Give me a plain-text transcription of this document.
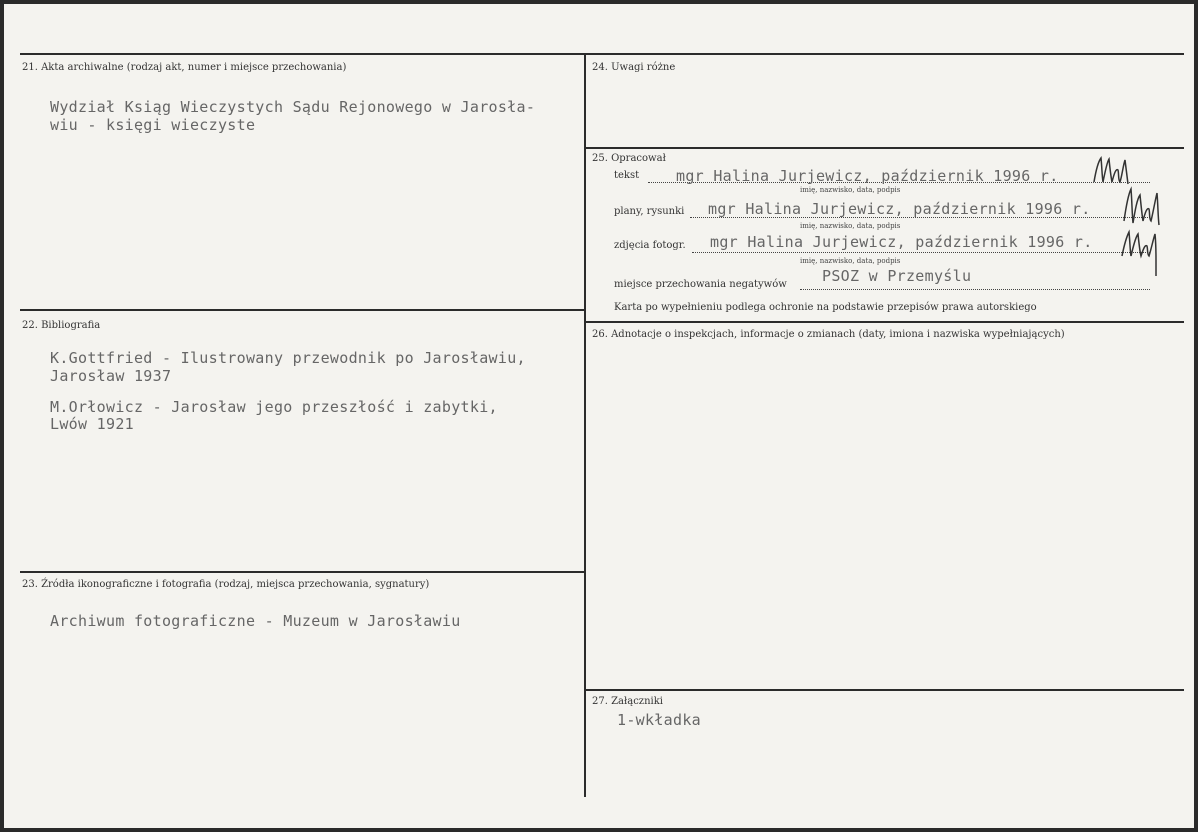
21. Akta archiwalne (rodzaj akt, numer i miejsce przechowania)
Wydział Ksiąg Wieczystych Sądu Rejonowego w Jarosła-
wiu - księgi wieczyste
22. Bibliografia
K.Gottfried - Ilustrowany przewodnik po Jarosławiu,
Jarosław 1937
M.Orłowicz - Jarosław jego przeszłość i zabytki,
Lwów 1921
23. Źródła ikonograficzne i fotografia (rodzaj, miejsca przechowania, sygnatury)
Archiwum fotograficzne - Muzeum w Jarosławiu
24. Uwagi różne
25. Opracował
tekst mgr Halina Jurjewicz, październik 1996 r.
imię, nazwisko, data, podpis
plany, rysunki mgr Halina Jurjewicz, październik 1996 r.
imię, nazwisko, data, podpis
zdjęcia fotogr. mgr Halina Jurjewicz, październik 1996 r.
imię, nazwisko, data, podpis
miejsce przechowania negatywów PSOZ w Przemyślu
Karta po wypełnieniu podlega ochronie na podstawie przepisów prawa autorskiego
26. Adnotacje o inspekcjach, informacje o zmianach (daty, imiona i nazwiska wypełniających)
27. Załączniki
1-wkładka
